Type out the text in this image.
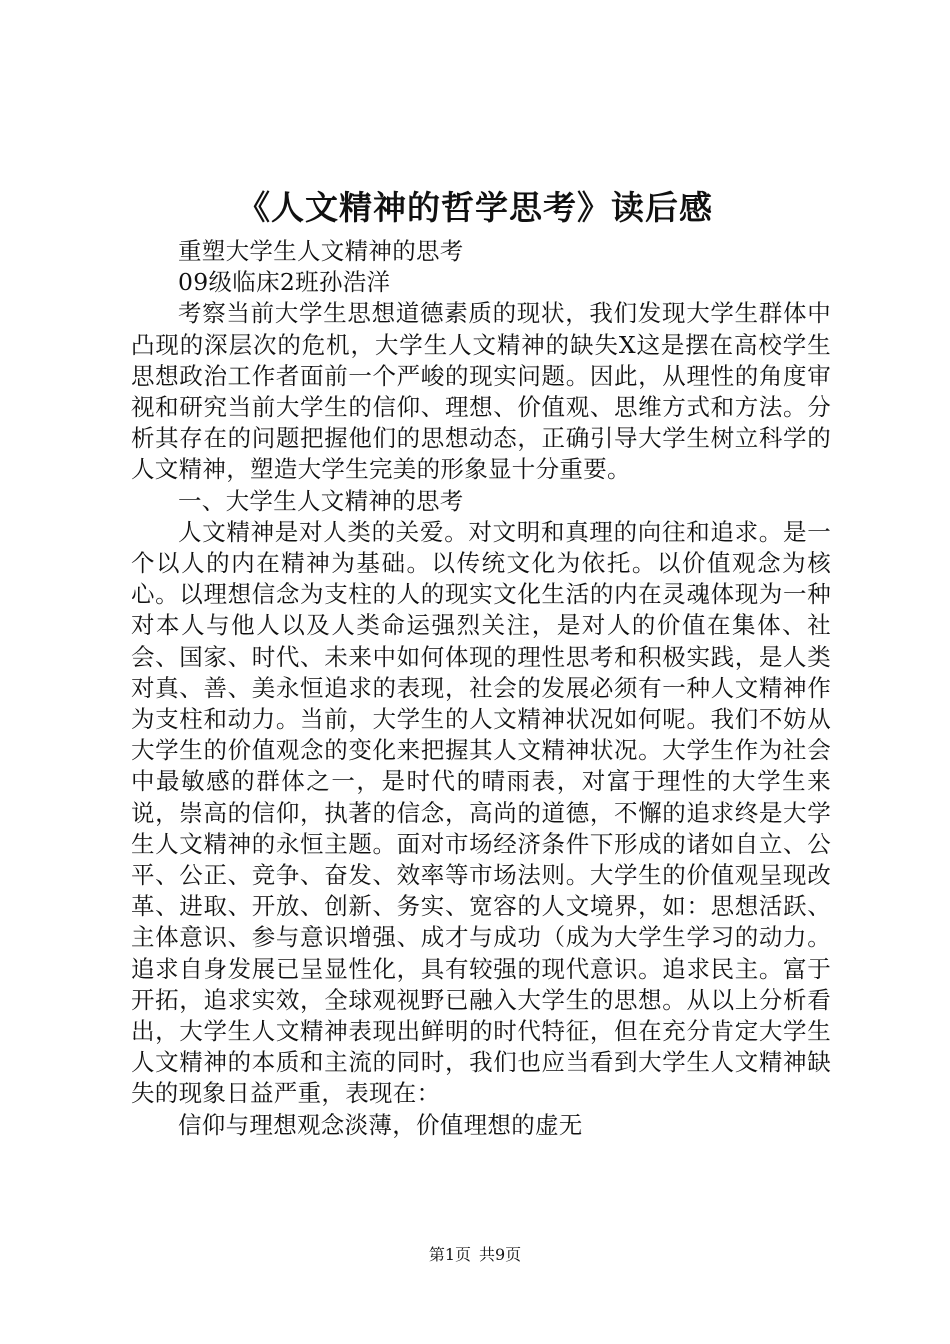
《人文精神的哲学思考》读后感

重塑大学生人文精神的思考

09级临床2班孙浩洋

考察当前大学生思想道德素质的现状，我们发现大学生群体中凸现的深层次的危机，大学生人文精神的缺失X这是摆在高校学生思想政治工作者面前一个严峻的现实问题。因此，从理性的角度审视和研究当前大学生的信仰、理想、价值观、思维方式和方法。分析其存在的问题把握他们的思想动态，正确引导大学生树立科学的人文精神，塑造大学生完美的形象显十分重要。

一、大学生人文精神的思考

人文精神是对人类的关爱。对文明和真理的向往和追求。是一个以人的内在精神为基础。以传统文化为依托。以价值观念为核心。以理想信念为支柱的人的现实文化生活的内在灵魂体现为一种对本人与他人以及人类命运强烈关注，是对人的价值在集体、社会、国家、时代、未来中如何体现的理性思考和积极实践，是人类对真、善、美永恒追求的表现，社会的发展必须有一种人文精神作为支柱和动力。当前，大学生的人文精神状况如何呢。我们不妨从大学生的价值观念的变化来把握其人文精神状况。大学生作为社会中最敏感的群体之一，是时代的晴雨表，对富于理性的大学生来说，崇高的信仰，执著的信念，高尚的道德，不懈的追求终是大学生人文精神的永恒主题。面对市场经济条件下形成的诸如自立、公平、公正、竞争、奋发、效率等市场法则。大学生的价值观呈现改革、进取、开放、创新、务实、宽容的人文境界，如：思想活跃、主体意识、参与意识增强、成才与成功（成为大学生学习的动力。追求自身发展已呈显性化，具有较强的现代意识。追求民主。富于开拓，追求实效，全球观视野已融入大学生的思想。从以上分析看出，大学生人文精神表现出鲜明的时代特征，但在充分肯定大学生人文精神的本质和主流的同时，我们也应当看到大学生人文精神缺失的现象日益严重，表现在：

信仰与理想观念淡薄，价值理想的虚无

第1页 共9页
